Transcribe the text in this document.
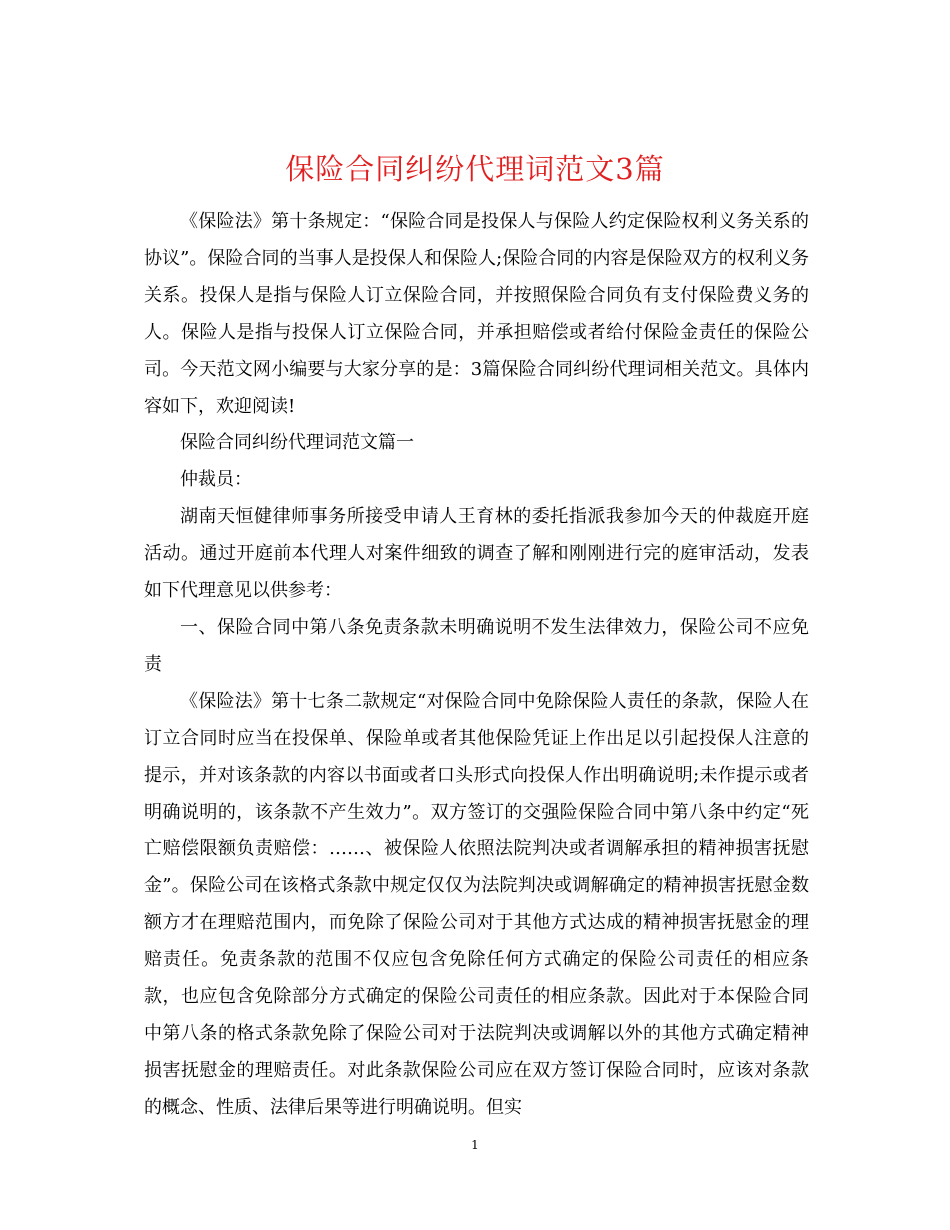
保险合同纠纷代理词范文3篇

《保险法》第十条规定：“保险合同是投保人与保险人约定保险权利义务关系的协议”。保险合同的当事人是投保人和保险人;保险合同的内容是保险双方的权利义务关系。投保人是指与保险人订立保险合同，并按照保险合同负有支付保险费义务的人。保险人是指与投保人订立保险合同，并承担赔偿或者给付保险金责任的保险公司。今天范文网小编要与大家分享的是：3篇保险合同纠纷代理词相关范文。具体内容如下，欢迎阅读!

保险合同纠纷代理词范文篇一

仲裁员：

湖南天恒健律师事务所接受申请人王育林的委托指派我参加今天的仲裁庭开庭活动。通过开庭前本代理人对案件细致的调查了解和刚刚进行完的庭审活动，发表如下代理意见以供参考：

一、保险合同中第八条免责条款未明确说明不发生法律效力，保险公司不应免责

《保险法》第十七条二款规定“对保险合同中免除保险人责任的条款，保险人在订立合同时应当在投保单、保险单或者其他保险凭证上作出足以引起投保人注意的提示，并对该条款的内容以书面或者口头形式向投保人作出明确说明;未作提示或者明确说明的，该条款不产生效力”。双方签订的交强险保险合同中第八条中约定“死亡赔偿限额负责赔偿：……、被保险人依照法院判决或者调解承担的精神损害抚慰金”。保险公司在该格式条款中规定仅仅为法院判决或调解确定的精神损害抚慰金数额方才在理赔范围内，而免除了保险公司对于其他方式达成的精神损害抚慰金的理赔责任。免责条款的范围不仅应包含免除任何方式确定的保险公司责任的相应条款，也应包含免除部分方式确定的保险公司责任的相应条款。因此对于本保险合同中第八条的格式条款免除了保险公司对于法院判决或调解以外的其他方式确定精神损害抚慰金的理赔责任。对此条款保险公司应在双方签订保险合同时，应该对条款的概念、性质、法律后果等进行明确说明。但实

1
